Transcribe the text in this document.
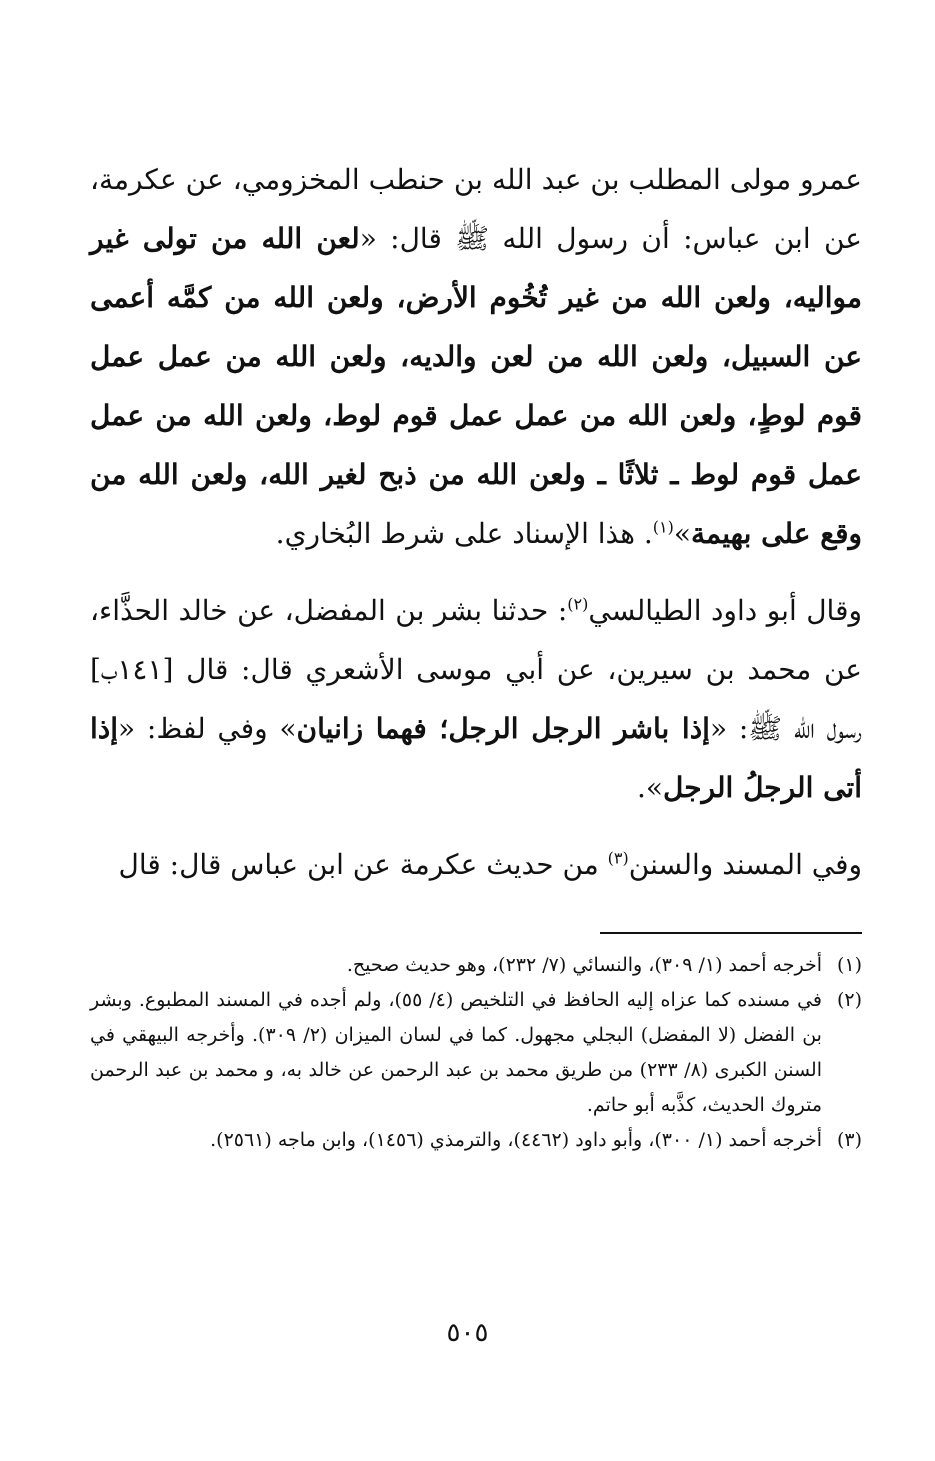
عمرو مولى المطلب بن عبد الله بن حنطب المخزومي، عن عكرمة، عن ابن عباس: أن رسول الله ﷺ قال: «لعن الله من تولى غير مواليه، ولعن الله من غير تُخُوم الأرض، ولعن الله من كمَّه أعمى عن السبيل، ولعن الله من لعن والديه، ولعن الله من عمل عمل قوم لوطٍ، ولعن الله من عمل عمل قوم لوط، ولعن الله من عمل عمل قوم لوط ـ ثلاثًا ـ ولعن الله من ذبح لغير الله، ولعن الله من وقع على بهيمة»$^{(١)}$. هذا الإسناد على شرط البُخاري.

وقال أبو داود الطيالسي$^{(٢)}$: حدثنا بشر بن المفضل، عن خالد الحذَّاء، عن محمد بن سيرين، عن أبي موسى الأشعري قال: قال [١٤١ب] رسول الله ﷺ: «إذا باشر الرجل الرجل؛ فهما زانيان» وفي لفظ: «إذا أتى الرجلُ الرجل».

وفي المسند والسنن$^{(٣)}$ من حديث عكرمة عن ابن عباس قال: قال

(١)
أخرجه أحمد (١/ ٣٠٩)، والنسائي (٧/ ٢٣٢)، وهو حديث صحيح.
(٢)
في مسنده كما عزاه إليه الحافظ في التلخيص (٤/ ٥٥)، ولم أجده في المسند المطبوع. وبشر بن الفضل (لا المفضل) البجلي مجهول. كما في لسان الميزان (٢/ ٣٠٩). وأخرجه البيهقي في السنن الكبرى (٨/ ٢٣٣) من طريق محمد بن عبد الرحمن عن خالد به، و محمد بن عبد الرحمن متروك الحديث، كذَّبه أبو حاتم.
(٣)
أخرجه أحمد (١/ ٣٠٠)، وأبو داود (٤٤٦٢)، والترمذي (١٤٥٦)، وابن ماجه (٢٥٦١).
٥٠٥
